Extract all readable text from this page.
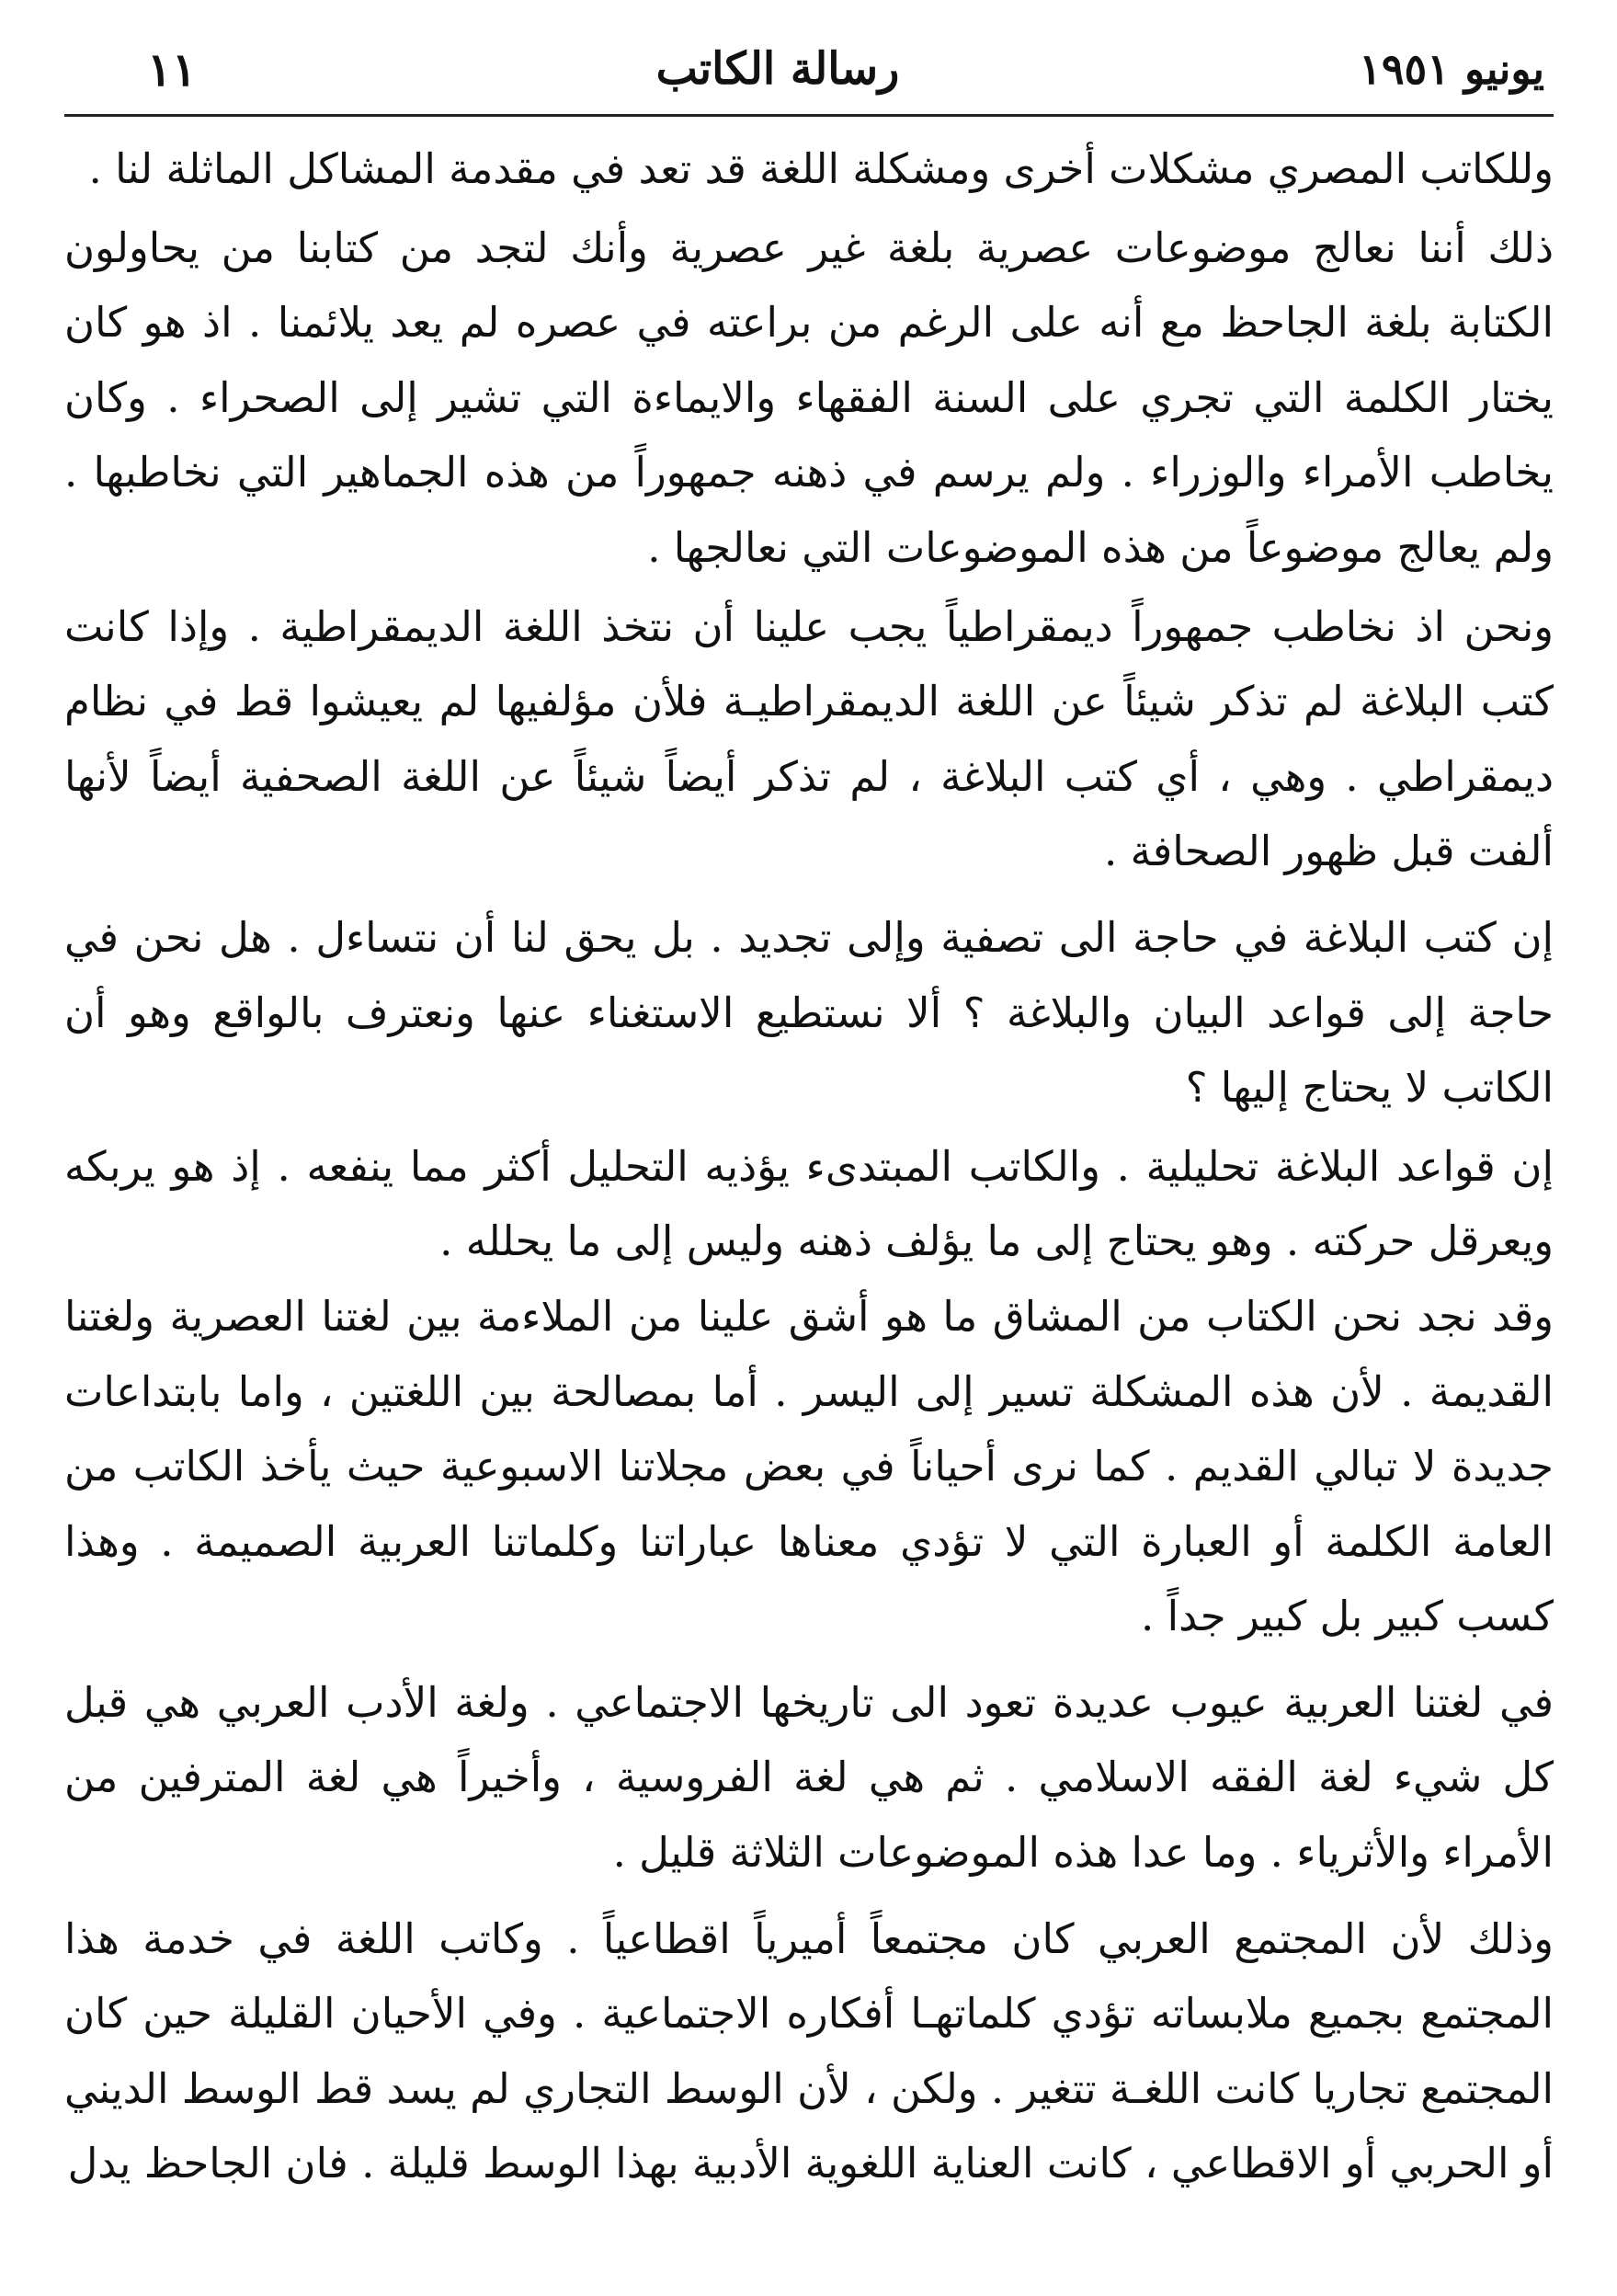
يونيو ١٩٥١
رسالة الكاتب
١١

وللكاتب المصري مشكلات أخرى ومشكلة اللغة قد تعد في مقدمة المشاكل الماثلة لنا .

ذلك أننا نعالج موضوعات عصرية بلغة غير عصرية وأنك لتجد من كتابنا من يحاولون الكتابة بلغة الجاحظ مع أنه على الرغم من براعته في عصره لم يعد يلائمنا . اذ هو كان يختار الكلمة التي تجري على السنة الفقهاء والايماءة التي تشير إلى الصحراء . وكان يخاطب الأمراء والوزراء . ولم يرسم في ذهنه جمهوراً من هذه الجماهير التي نخاطبها . ولم يعالج موضوعاً من هذه الموضوعات التي نعالجها .

ونحن اذ نخاطب جمهوراً ديمقراطياً يجب علينا أن نتخذ اللغة الديمقراطية . وإذا كانت كتب البلاغة لم تذكر شيئاً عن اللغة الديمقراطيـة فلأن مؤلفيها لم يعيشوا قط في نظام ديمقراطي . وهي ، أي كتب البلاغة ، لم تذكر أيضاً شيئاً عن اللغة الصحفية أيضاً لأنها ألفت قبل ظهور الصحافة .

إن كتب البلاغة في حاجة الى تصفية وإلى تجديد . بل يحق لنا أن نتساءل . هل نحن في حاجة إلى قواعد البيان والبلاغة ؟ ألا نستطيع الاستغناء عنها ونعترف بالواقع وهو أن الكاتب لا يحتاج إليها ؟

إن قواعد البلاغة تحليلية . والكاتب المبتدىء يؤذيه التحليل أكثر مما ينفعه . إذ هو يربكه ويعرقل حركته . وهو يحتاج إلى ما يؤلف ذهنه وليس إلى ما يحلله .

وقد نجد نحن الكتاب من المشاق ما هو أشق علينا من الملاءمة بين لغتنا العصرية ولغتنا القديمة . لأن هذه المشكلة تسير إلى اليسر . أما بمصالحة بين اللغتين ، واما بابتداعات جديدة لا تبالي القديم . كما نرى أحياناً في بعض مجلاتنا الاسبوعية حيث يأخذ الكاتب من العامة الكلمة أو العبارة التي لا تؤدي معناها عباراتنا وكلماتنا العربية الصميمة . وهذا كسب كبير بل كبير جداً .

في لغتنا العربية عيوب عديدة تعود الى تاريخها الاجتماعي . ولغة الأدب العربي هي قبل كل شيء لغة الفقه الاسلامي . ثم هي لغة الفروسية ، وأخيراً هي لغة المترفين من الأمراء والأثرياء . وما عدا هذه الموضوعات الثلاثة قليل .

وذلك لأن المجتمع العربي كان مجتمعاً أميرياً اقطاعياً . وكاتب اللغة في خدمة هذا المجتمع بجميع ملابساته تؤدي كلماتهـا أفكاره الاجتماعية . وفي الأحيان القليلة حين كان المجتمع تجاريا كانت اللغـة تتغير . ولكن ، لأن الوسط التجاري لم يسد قط الوسط الديني أو الحربي أو الاقطاعي ، كانت العناية اللغوية الأدبية بهذا الوسط قليلة . فان الجاحظ يدل
